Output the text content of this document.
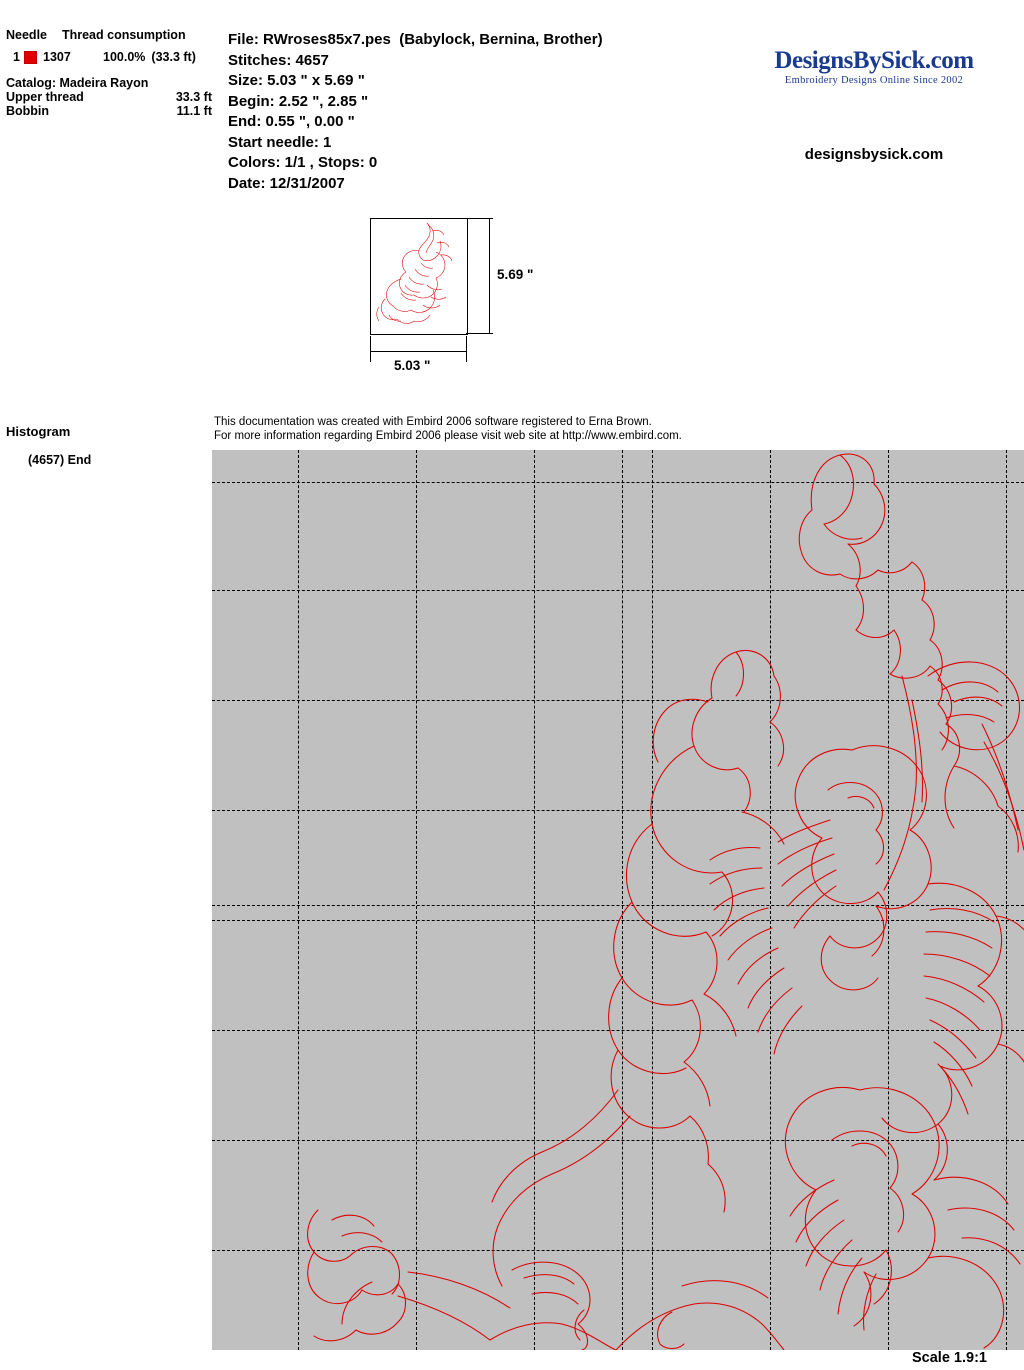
Needle Thread consumption
1 1307	100.0% (33.3 ft)
Catalog: Madeira Rayon
Upper thread	33.3 ft
Bobbin	11.1 ft
File: RWroses85x7.pes  (Babylock, Bernina, Brother)
Stitches: 4657
Size: 5.03 " x 5.69 "
Begin: 2.52 ", 2.85 "
End: 0.55 ", 0.00 "
Start needle: 1
Colors: 1/1 , Stops: 0
Date: 12/31/2007
DesignsBySick.com
Embroidery Designs Online Since 2002
designsbysick.com
5.69 "
5.03 "
Histogram
(4657) End
This documentation was created with Embird 2006 software registered to Erna Brown.
For more information regarding Embird 2006 please visit web site at http://www.embird.com.
Scale 1.9:1
